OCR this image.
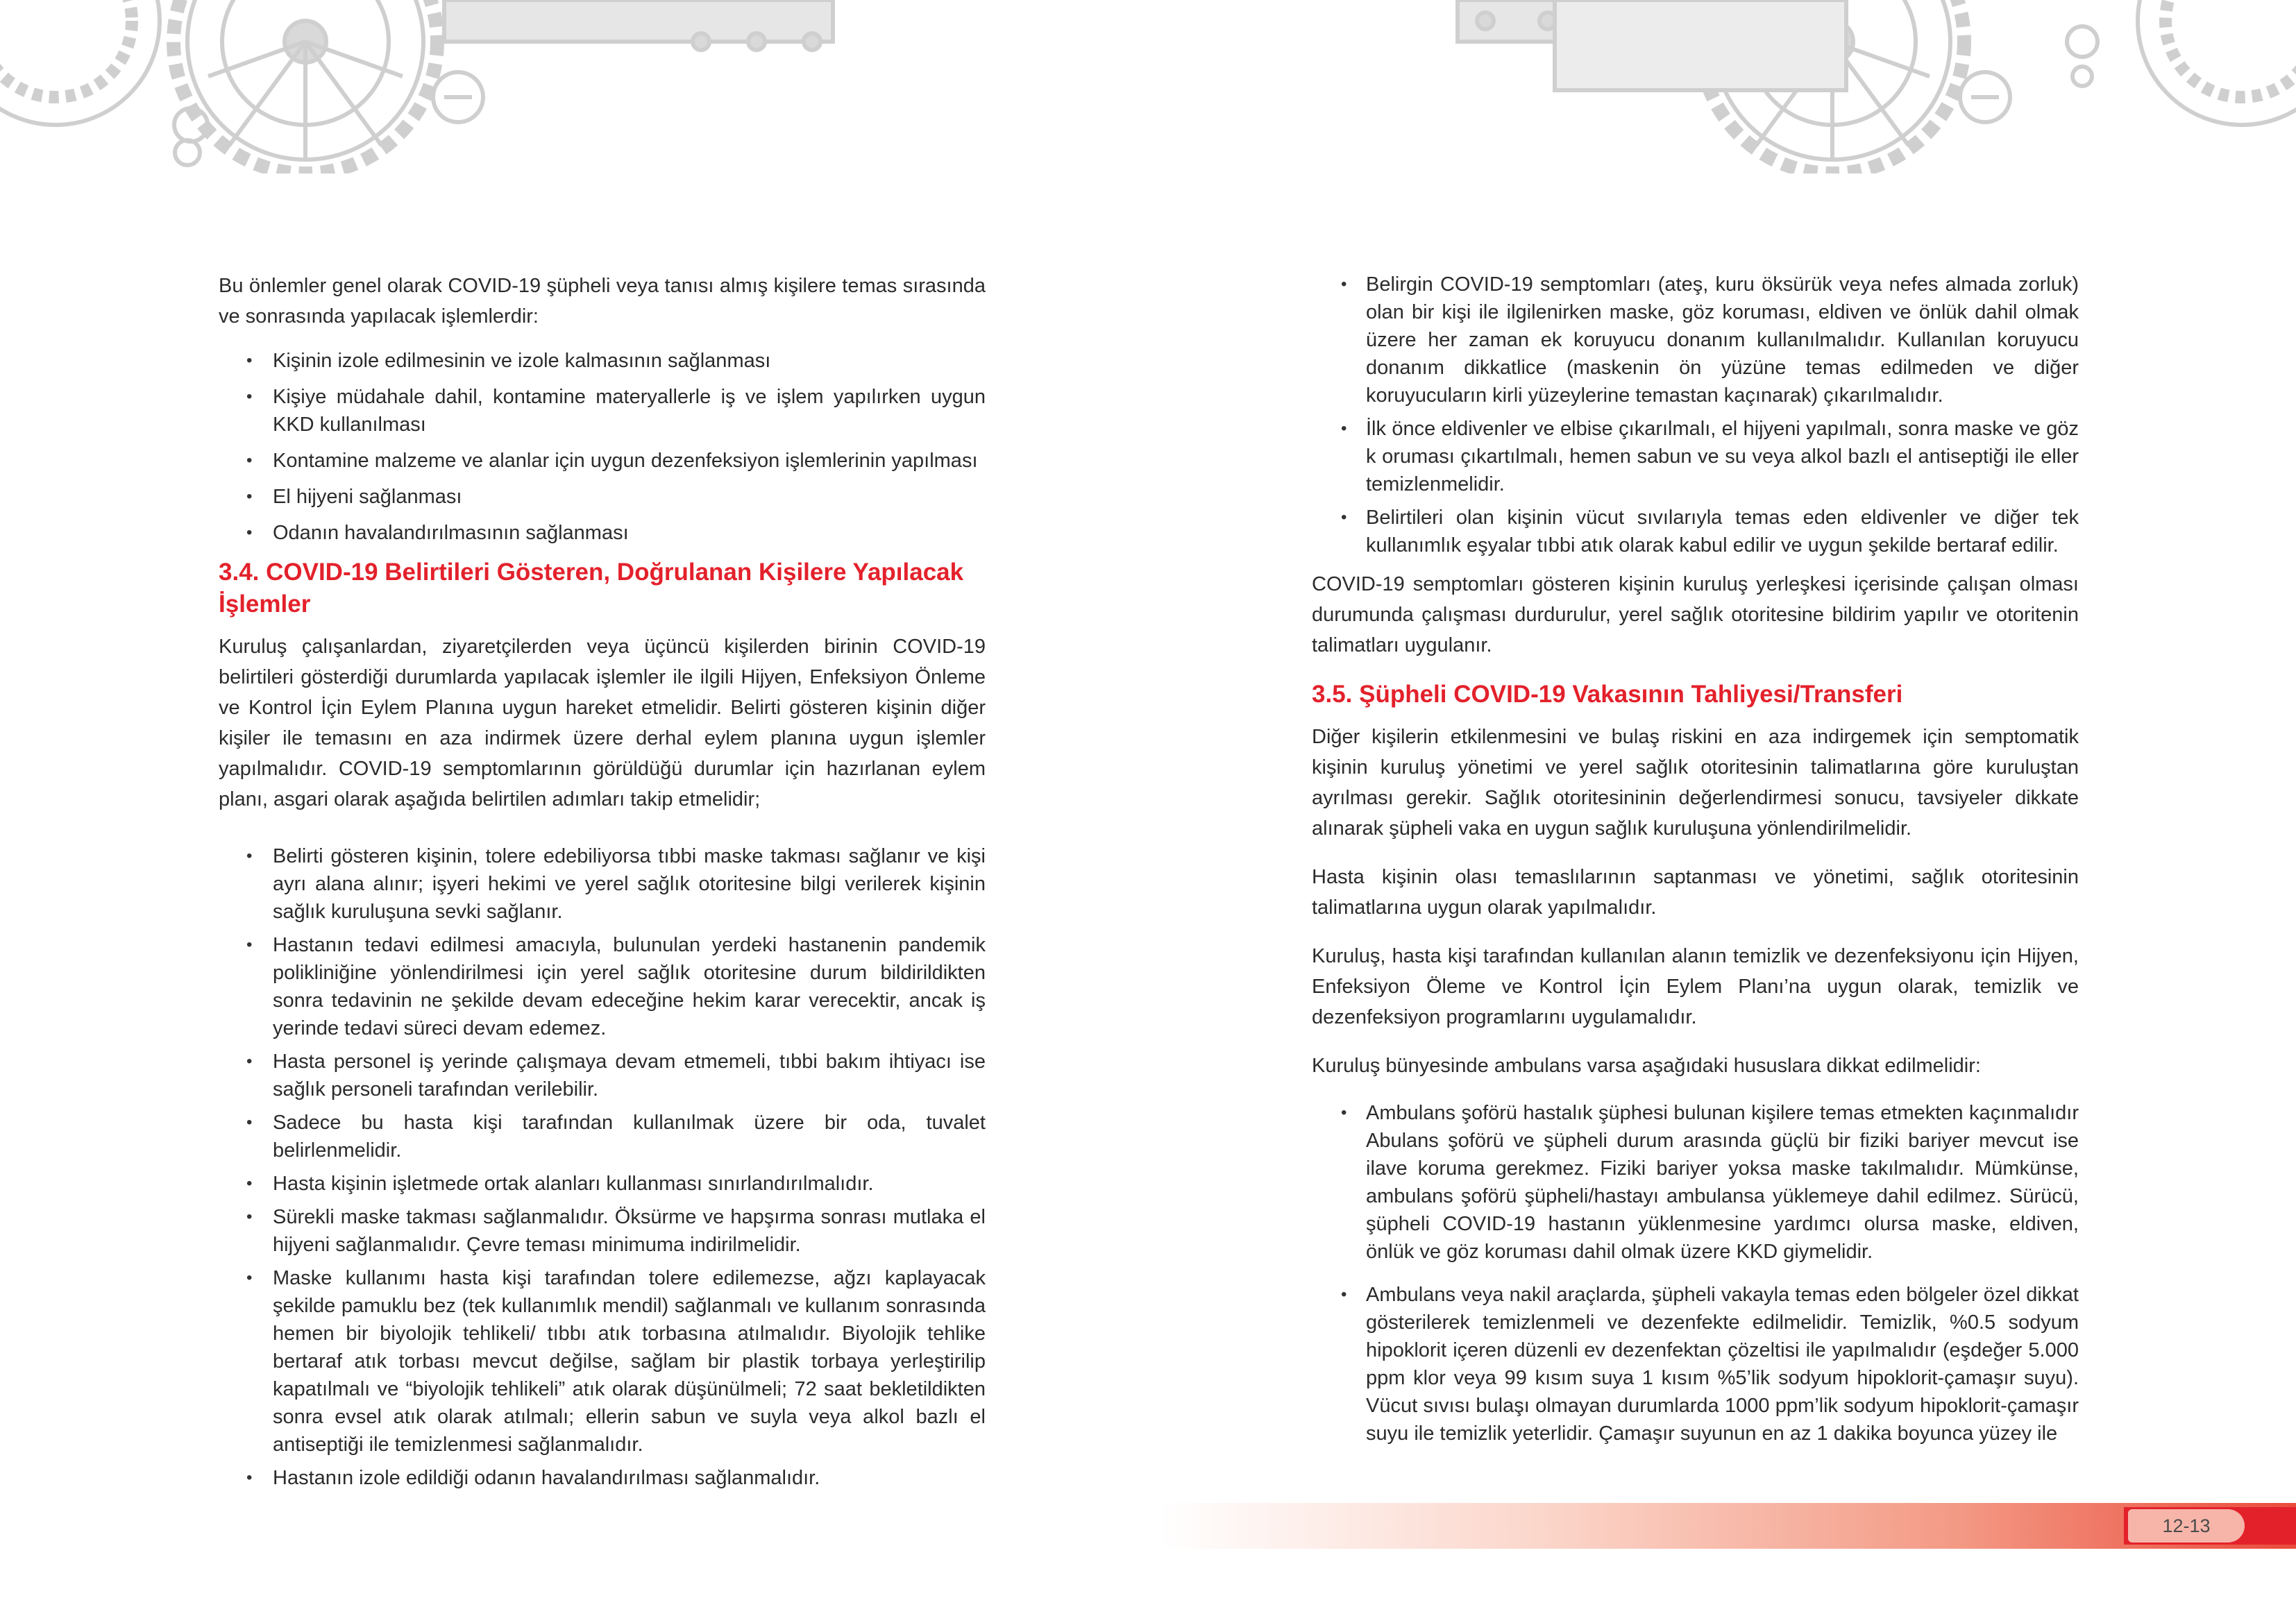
Bu önlemler genel olarak COVID-19 şüpheli veya tanısı almış kişilere temas sırasında ve sonrasında yapılacak işlemlerdir:

• Kişinin izole edilmesinin ve izole kalmasının sağlanması
• Kişiye müdahale dahil, kontamine materyallerle iş ve işlem yapılırken uygun KKD kullanılması
• Kontamine malzeme ve alanlar için uygun dezenfeksiyon işlemlerinin yapılması
• El hijyeni sağlanması
• Odanın havalandırılmasının sağlanması
3.4. COVID-19 Belirtileri Gösteren, Doğrulanan Kişilere Yapılacak İşlemler

Kuruluş çalışanlardan, ziyaretçilerden veya üçüncü kişilerden birinin COVID-19 belirtileri gösterdiği durumlarda yapılacak işlemler ile ilgili Hijyen, Enfeksiyon Önleme ve Kontrol İçin Eylem Planına uygun hareket etmelidir. Belirti gösteren kişinin diğer kişiler ile temasını en aza indirmek üzere derhal eylem planına uygun işlemler yapılmalıdır. COVID-19 semptomlarının görüldüğü durumlar için hazırlanan eylem planı, asgari olarak aşağıda belirtilen adımları takip etmelidir;

• Belirti gösteren kişinin, tolere edebiliyorsa tıbbi maske takması sağlanır ve kişi ayrı alana alınır; işyeri hekimi ve yerel sağlık otoritesine bilgi verilerek kişinin sağlık kuruluşuna sevki sağlanır.
• Hastanın tedavi edilmesi amacıyla, bulunulan yerdeki hastanenin pandemik polikliniğine yönlendirilmesi için yerel sağlık otoritesine durum bildirildikten sonra tedavinin ne şekilde devam edeceğine hekim karar verecektir, ancak iş yerinde tedavi süreci devam edemez.
• Hasta personel iş yerinde çalışmaya devam etmemeli, tıbbi bakım ihtiyacı ise sağlık personeli tarafından verilebilir.
• Sadece bu hasta kişi tarafından kullanılmak üzere bir oda, tuvalet belirlenmelidir.
• Hasta kişinin işletmede ortak alanları kullanması sınırlandırılmalıdır.
• Sürekli maske takması sağlanmalıdır. Öksürme ve hapşırma sonrası mutlaka el hijyeni sağlanmalıdır. Çevre teması minimuma indirilmelidir.
• Maske kullanımı hasta kişi tarafından tolere edilemezse, ağzı kaplayacak şekilde pamuklu bez (tek kullanımlık mendil) sağlanmalı ve kullanım sonrasında hemen bir biyolojik tehlikeli/ tıbbı atık torbasına atılmalıdır. Biyolojik tehlike bertaraf atık torbası mevcut değilse, sağlam bir plastik torbaya yerleştirilip kapatılmalı ve “biyolojik tehlikeli” atık olarak düşünülmeli; 72 saat bekletildikten sonra evsel atık olarak atılmalı; ellerin sabun ve suyla veya alkol bazlı el antiseptiği ile temizlenmesi sağlanmalıdır.
• Hastanın izole edildiği odanın havalandırılması sağlanmalıdır.
• Belirgin COVID-19 semptomları (ateş, kuru öksürük veya nefes almada zorluk) olan bir kişi ile ilgilenirken maske, göz koruması, eldiven ve önlük dahil olmak üzere her zaman ek koruyucu donanım kullanılmalıdır. Kullanılan koruyucu donanım dikkatlice (maskenin ön yüzüne temas edilmeden ve diğer koruyucuların kirli yüzeylerine temastan kaçınarak) çıkarılmalıdır.
• İlk önce eldivenler ve elbise çıkarılmalı, el hijyeni yapılmalı, sonra maske ve göz k oruması çıkartılmalı, hemen sabun ve su veya alkol bazlı el antiseptiği ile eller temizlenmelidir.
• Belirtileri olan kişinin vücut sıvılarıyla temas eden eldivenler ve diğer tek kullanımlık eşyalar tıbbi atık olarak kabul edilir ve uygun şekilde bertaraf edilir.

COVID-19 semptomları gösteren kişinin kuruluş yerleşkesi içerisinde çalışan olması durumunda çalışması durdurulur, yerel sağlık otoritesine bildirim yapılır ve otoritenin talimatları uygulanır.

3.5. Şüpheli COVID-19 Vakasının Tahliyesi/Transferi

Diğer kişilerin etkilenmesini ve bulaş riskini en aza indirgemek için semptomatik kişinin kuruluş yönetimi ve yerel sağlık otoritesinin talimatlarına göre kuruluştan ayrılması gerekir. Sağlık otoritesininin değerlendirmesi sonucu, tavsiyeler dikkate alınarak şüpheli vaka en uygun sağlık kuruluşuna yönlendirilmelidir.

Hasta kişinin olası temaslılarının saptanması ve yönetimi, sağlık otoritesinin talimatlarına uygun olarak yapılmalıdır.

Kuruluş, hasta kişi tarafından kullanılan alanın temizlik ve dezenfeksiyonu için Hijyen, Enfeksiyon Öleme ve Kontrol İçin Eylem Planı’na uygun olarak, temizlik ve dezenfeksiyon programlarını uygulamalıdır.

Kuruluş bünyesinde ambulans varsa aşağıdaki hususlara dikkat edilmelidir:

• Ambulans şoförü hastalık şüphesi bulunan kişilere temas etmekten kaçınmalıdır Abulans şoförü ve şüpheli durum arasında güçlü bir fiziki bariyer mevcut ise ilave koruma gerekmez. Fiziki bariyer yoksa maske takılmalıdır. Mümkünse, ambulans şoförü şüpheli/hastayı ambulansa yüklemeye dahil edilmez. Sürücü, şüpheli COVID-19 hastanın yüklenmesine yardımcı olursa maske, eldiven, önlük ve göz koruması dahil olmak üzere KKD giymelidir.
• Ambulans veya nakil araçlarda, şüpheli vakayla temas eden bölgeler özel dikkat gösterilerek temizlenmeli ve dezenfekte edilmelidir. Temizlik, %0.5 sodyum hipoklorit içeren düzenli ev dezenfektan çözeltisi ile yapılmalıdır (eşdeğer 5.000 ppm klor veya 99 kısım suya 1 kısım %5’lik sodyum hipoklorit-çamaşır suyu). Vücut sıvısı bulaşı olmayan durumlarda 1000 ppm’lik sodyum hipoklorit-çamaşır suyu ile temizlik yeterlidir. Çamaşır suyunun en az 1 dakika boyunca yüzey ile
12-13
